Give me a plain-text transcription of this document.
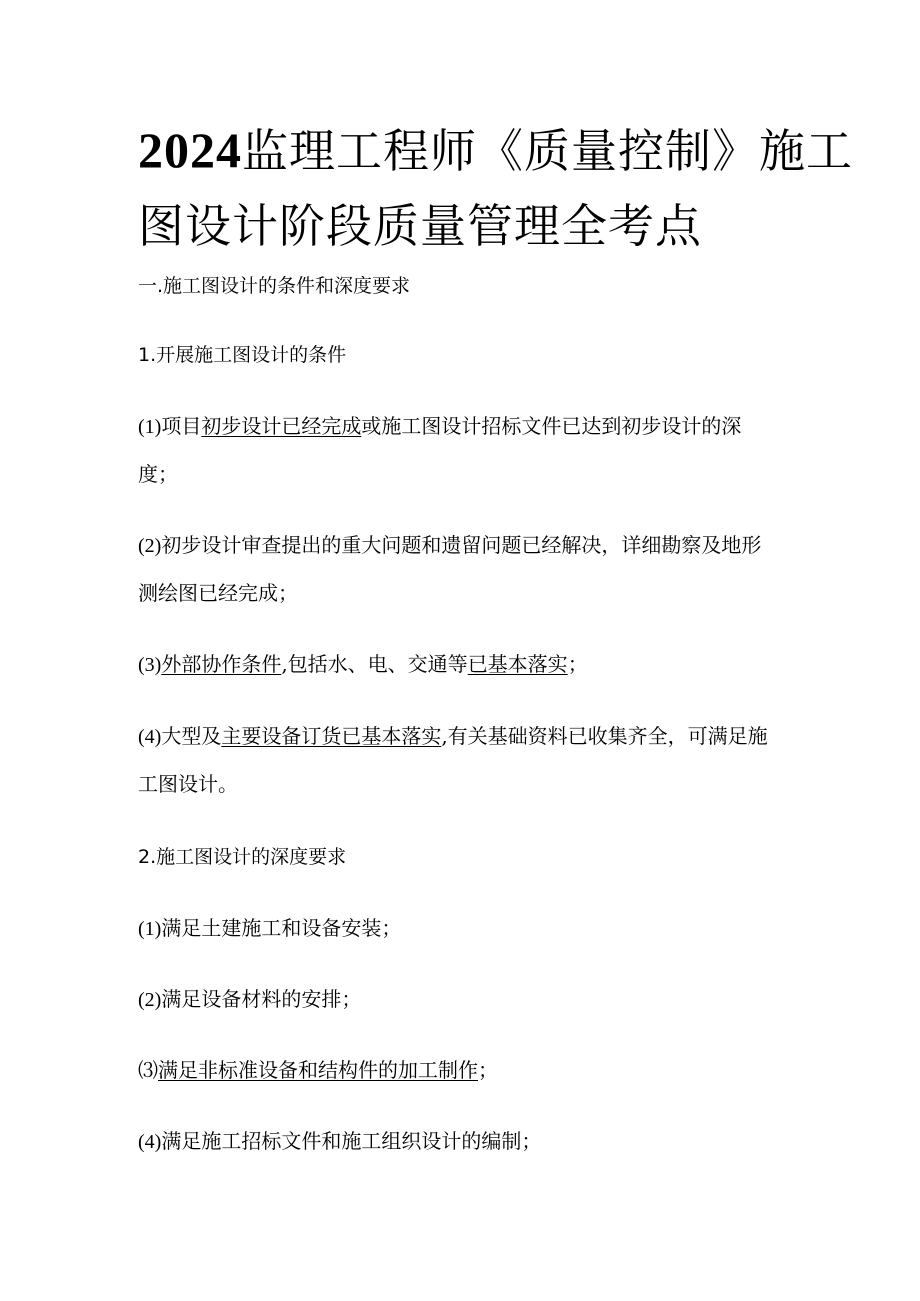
2024监理工程师《质量控制》施工
图设计阶段质量管理全考点
一.施工图设计的条件和深度要求
1.开展施工图设计的条件
(1)项目初步设计已经完成或施工图设计招标文件已达到初步设计的深
度；
(2)初步设计审查提出的重大问题和遗留问题已经解决，详细勘察及地形
测绘图已经完成；
(3)外部协作条件,包括水、电、交通等已基本落实；
(4)大型及主要设备订货已基本落实,有关基础资料已收集齐全，可满足施
工图设计。
2.施工图设计的深度要求
(1)满足土建施工和设备安装；
(2)满足设备材料的安排；
⑶满足非标准设备和结构件的加工制作；
(4)满足施工招标文件和施工组织设计的编制；
